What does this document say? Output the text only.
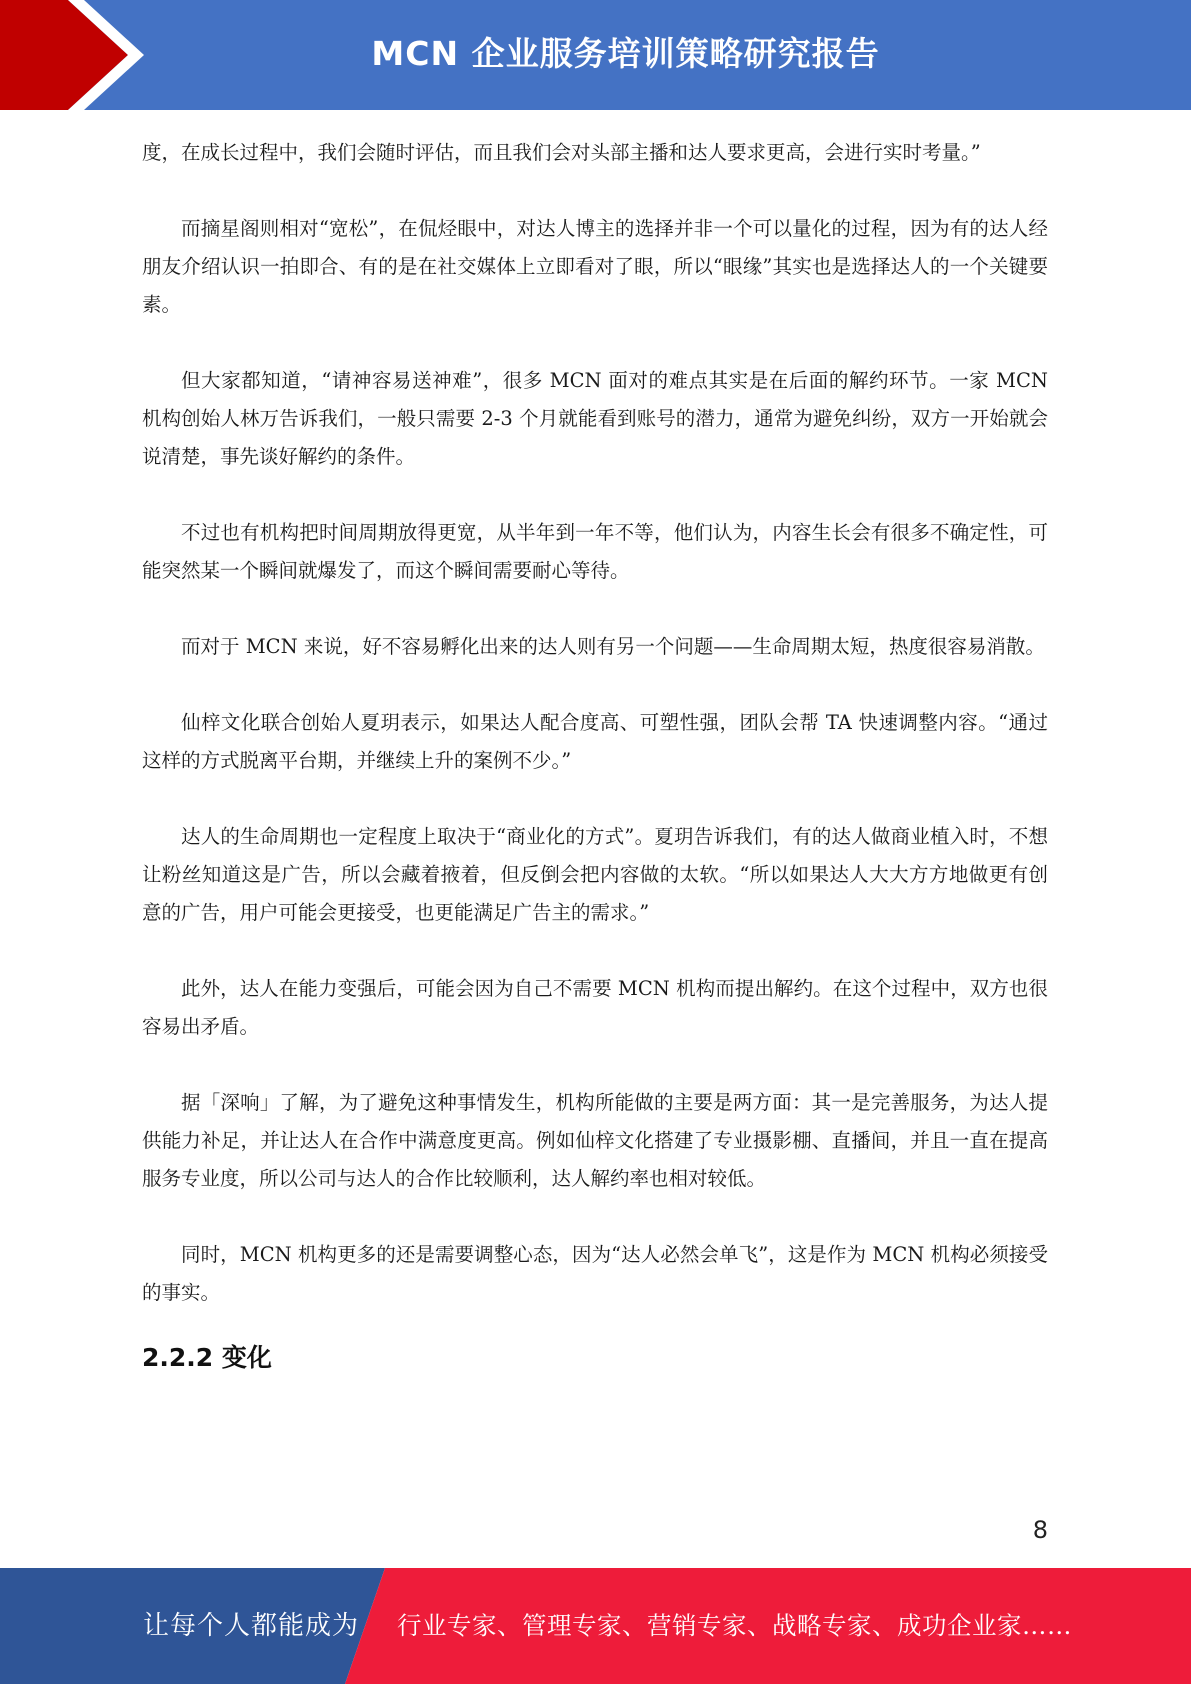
MCN 企业服务培训策略研究报告

度，在成长过程中，我们会随时评估，而且我们会对头部主播和达人要求更高，会进行实时考量。”

而摘星阁则相对“宽松”，在侃烃眼中，对达人博主的选择并非一个可以量化的过程，因为有的达人经朋友介绍认识一拍即合、有的是在社交媒体上立即看对了眼，所以“眼缘”其实也是选择达人的一个关键要素。

但大家都知道，“请神容易送神难”，很多 MCN 面对的难点其实是在后面的解约环节。一家 MCN 机构创始人林万告诉我们，一般只需要 2-3 个月就能看到账号的潜力，通常为避免纠纷，双方一开始就会说清楚，事先谈好解约的条件。

不过也有机构把时间周期放得更宽，从半年到一年不等，他们认为，内容生长会有很多不确定性，可能突然某一个瞬间就爆发了，而这个瞬间需要耐心等待。

而对于 MCN 来说，好不容易孵化出来的达人则有另一个问题——生命周期太短，热度很容易消散。

仙梓文化联合创始人夏玥表示，如果达人配合度高、可塑性强，团队会帮 TA 快速调整内容。“通过这样的方式脱离平台期，并继续上升的案例不少。”

达人的生命周期也一定程度上取决于“商业化的方式”。夏玥告诉我们，有的达人做商业植入时，不想让粉丝知道这是广告，所以会藏着掖着，但反倒会把内容做的太软。“所以如果达人大大方方地做更有创意的广告，用户可能会更接受，也更能满足广告主的需求。”

此外，达人在能力变强后，可能会因为自己不需要 MCN 机构而提出解约。在这个过程中，双方也很容易出矛盾。

据「深响」了解，为了避免这种事情发生，机构所能做的主要是两方面：其一是完善服务，为达人提供能力补足，并让达人在合作中满意度更高。例如仙梓文化搭建了专业摄影棚、直播间，并且一直在提高服务专业度，所以公司与达人的合作比较顺利，达人解约率也相对较低。

同时，MCN 机构更多的还是需要调整心态，因为“达人必然会单飞”，这是作为 MCN 机构必须接受的事实。

2.2.2 变化
8
让每个人都能成为 行业专家、管理专家、营销专家、战略专家、成功企业家……
